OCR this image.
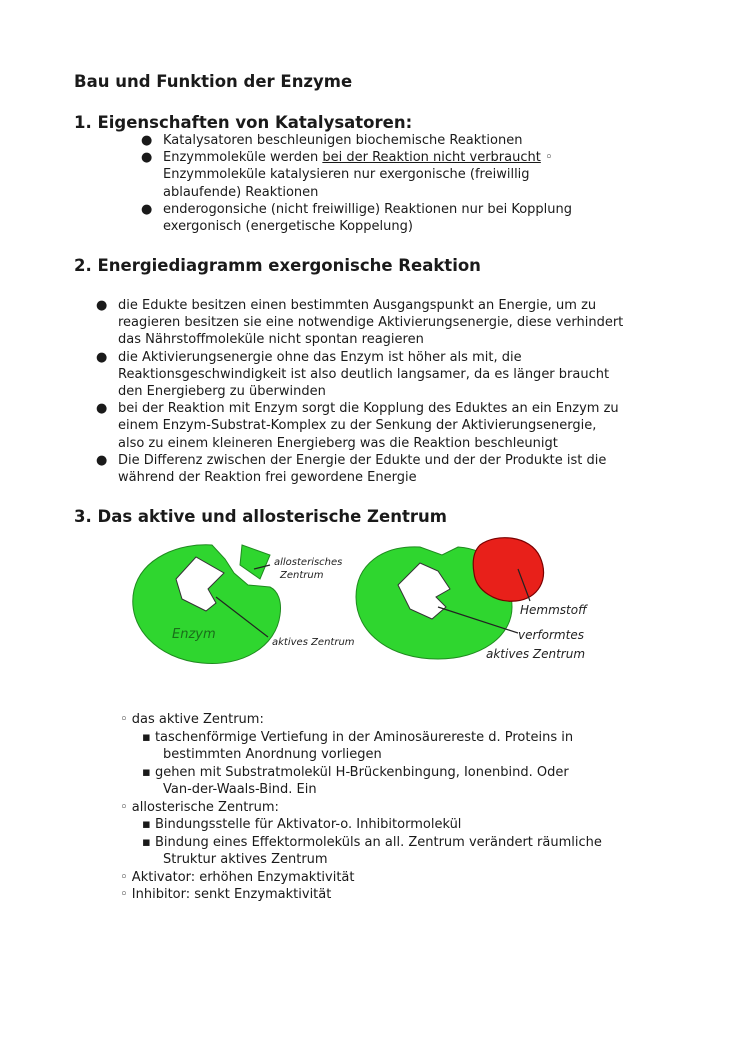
Bau und Funktion der Enzyme
1. Eigenschaften von Katalysatoren:
● Katalysatoren beschleunigen biochemische Reaktionen
● Enzymmoleküle werden bei der Reaktion nicht verbraucht ◦
Enzymmoleküle katalysieren nur exergonische (freiwillig
ablaufende) Reaktionen
● enderogonsiche (nicht freiwillige) Reaktionen nur bei Kopplung
exergonisch (energetische Koppelung)
2. Energiediagramm exergonische Reaktion
● die Edukte besitzen einen bestimmten Ausgangspunkt an Energie, um zu
reagieren besitzen sie eine notwendige Aktivierungsenergie, diese verhindert
das Nährstoffmoleküle nicht spontan reagieren
● die Aktivierungsenergie ohne das Enzym ist höher als mit, die
Reaktionsgeschwindigkeit ist also deutlich langsamer, da es länger braucht
den Energieberg zu überwinden
● bei der Reaktion mit Enzym sorgt die Kopplung des Eduktes an ein Enzym zu
einem Enzym-Substrat-Komplex zu der Senkung der Aktivierungsenergie,
also zu einem kleineren Energieberg was die Reaktion beschleunigt
● Die Differenz zwischen der Energie der Edukte und der der Produkte ist die
während der Reaktion frei gewordene Energie
3. Das aktive und allosterische Zentrum
allosterisches
Zentrum
Enzym
aktives Zentrum
Hemmstoff
verformtes
aktives Zentrum
◦ das aktive Zentrum:
▪ taschenförmige Vertiefung in der Aminosäurereste d. Proteins in
bestimmten Anordnung vorliegen
▪ gehen mit Substratmolekül H-Brückenbingung, Ionenbind. Oder
Van-der-Waals-Bind. Ein
◦ allosterische Zentrum:
▪ Bindungsstelle für Aktivator-o. Inhibitormolekül
▪ Bindung eines Effektormoleküls an all. Zentrum verändert räumliche
Struktur aktives Zentrum
◦ Aktivator: erhöhen Enzymaktivität
◦ Inhibitor: senkt Enzymaktivität
